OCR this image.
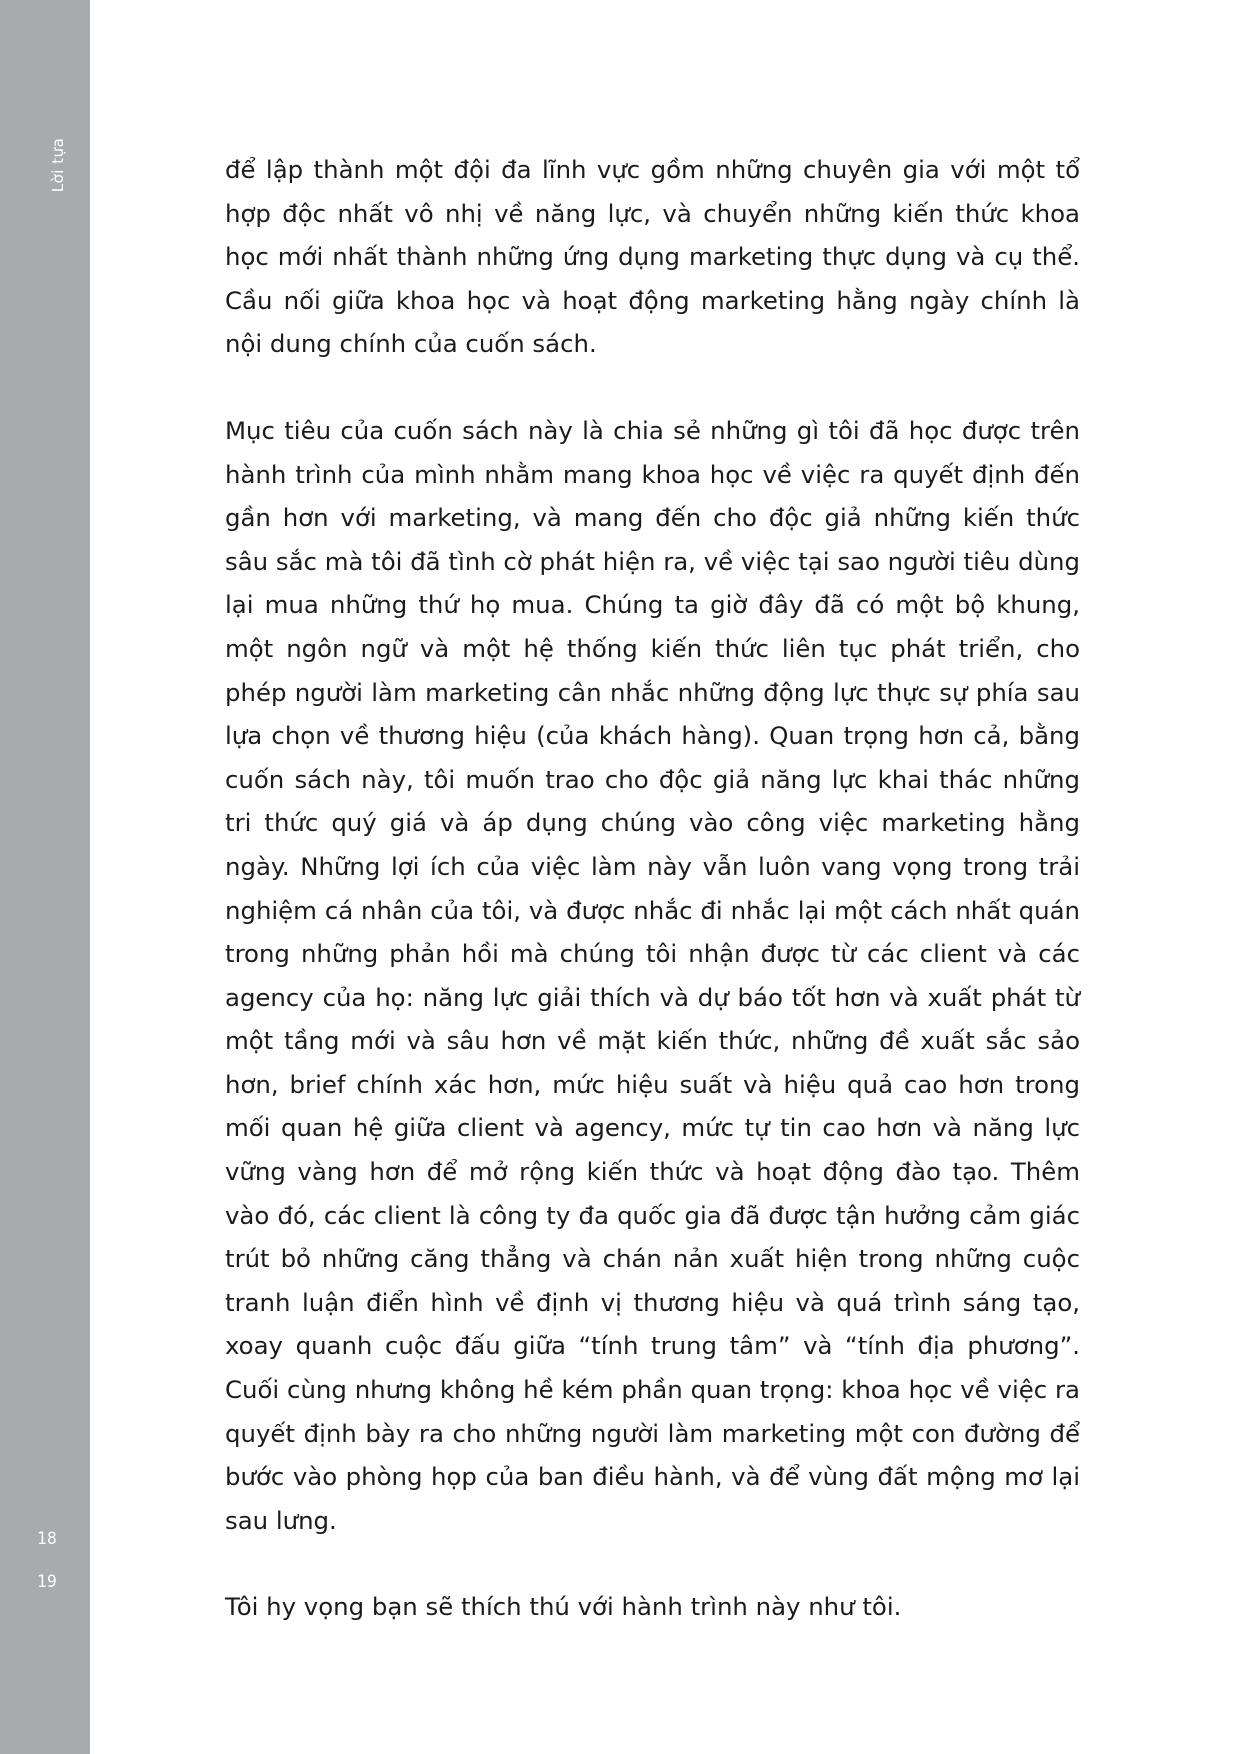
Lời tựa
18
19

để lập thành một đội đa lĩnh vực gồm những chuyên gia với một tổ hợp độc nhất vô nhị về năng lực, và chuyển những kiến thức khoa học mới nhất thành những ứng dụng marketing thực dụng và cụ thể. Cầu nối giữa khoa học và hoạt động marketing hằng ngày chính là nội dung chính của cuốn sách.

Mục tiêu của cuốn sách này là chia sẻ những gì tôi đã học được trên hành trình của mình nhằm mang khoa học về việc ra quyết định đến gần hơn với marketing, và mang đến cho độc giả những kiến thức sâu sắc mà tôi đã tình cờ phát hiện ra, về việc tại sao người tiêu dùng lại mua những thứ họ mua. Chúng ta giờ đây đã có một bộ khung, một ngôn ngữ và một hệ thống kiến thức liên tục phát triển, cho phép người làm marketing cân nhắc những động lực thực sự phía sau lựa chọn về thương hiệu (của khách hàng). Quan trọng hơn cả, bằng cuốn sách này, tôi muốn trao cho độc giả năng lực khai thác những tri thức quý giá và áp dụng chúng vào công việc marketing hằng ngày. Những lợi ích của việc làm này vẫn luôn vang vọng trong trải nghiệm cá nhân của tôi, và được nhắc đi nhắc lại một cách nhất quán trong những phản hồi mà chúng tôi nhận được từ các client và các agency của họ: năng lực giải thích và dự báo tốt hơn và xuất phát từ một tầng mới và sâu hơn về mặt kiến thức, những đề xuất sắc sảo hơn, brief chính xác hơn, mức hiệu suất và hiệu quả cao hơn trong mối quan hệ giữa client và agency, mức tự tin cao hơn và năng lực vững vàng hơn để mở rộng kiến thức và hoạt động đào tạo. Thêm vào đó, các client là công ty đa quốc gia đã được tận hưởng cảm giác trút bỏ những căng thẳng và chán nản xuất hiện trong những cuộc tranh luận điển hình về định vị thương hiệu và quá trình sáng tạo, xoay quanh cuộc đấu giữa “tính trung tâm” và “tính địa phương”. Cuối cùng nhưng không hề kém phần quan trọng: khoa học về việc ra quyết định bày ra cho những người làm marketing một con đường để bước vào phòng họp của ban điều hành, và để vùng đất mộng mơ lại sau lưng.

Tôi hy vọng bạn sẽ thích thú với hành trình này như tôi.
